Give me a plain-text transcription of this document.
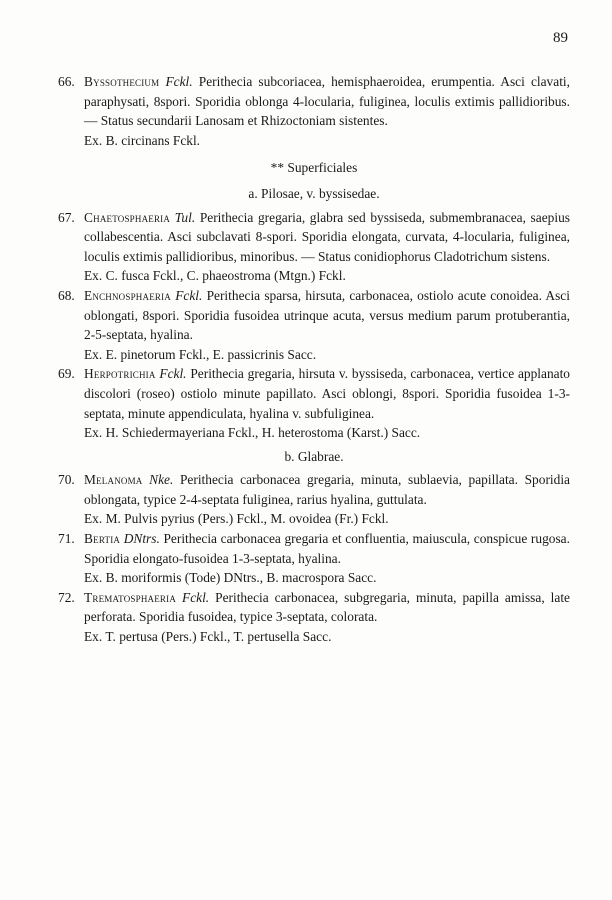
89

66. Byssothecium Fckl. Perithecia subcoriacea, hemisphaeroidea, erumpentia. Asci clavati, paraphysati, 8spori. Sporidia oblonga 4-locularia, fuliginea, loculis extimis pallidioribus. — Status secundarii Lanosam et Rhizoctoniam sistentes.

Ex. B. circinans Fckl.

** Superficiales

a. Pilosae, v. byssisedae.

67. Chaetosphaeria Tul. Perithecia gregaria, glabra sed byssiseda, submembranacea, saepius collabescentia. Asci subclavati 8-spori. Sporidia elongata, curvata, 4-locularia, fuliginea, loculis extimis pallidioribus, minoribus. — Status conidiophorus Cladotrichum sistens.

Ex. C. fusca Fckl., C. phaeostroma (Mtgn.) Fckl.

68. Enchnosphaeria Fckl. Perithecia sparsa, hirsuta, carbonacea, ostiolo acute conoidea. Asci oblongati, 8spori. Sporidia fusoidea utrinque acuta, versus medium parum protuberantia, 2-5-septata, hyalina.

Ex. E. pinetorum Fckl., E. passicrinis Sacc.

69. Herpotrichia Fckl. Perithecia gregaria, hirsuta v. byssiseda, carbonacea, vertice applanato discolori (roseo) ostiolo minute papillato. Asci oblongi, 8spori. Sporidia fusoidea 1-3-septata, minute appendiculata, hyalina v. subfuliginea.

Ex. H. Schiedermayeriana Fckl., H. heterostoma (Karst.) Sacc.

b. Glabrae.

70. Melanoma Nke. Perithecia carbonacea gregaria, minuta, sublaevia, papillata. Sporidia oblongata, typice 2-4-septata fuliginea, rarius hyalina, guttulata.

Ex. M. Pulvis pyrius (Pers.) Fckl., M. ovoidea (Fr.) Fckl.

71. Bertia DNtrs. Perithecia carbonacea gregaria et confluentia, maiuscula, conspicue rugosa. Sporidia elongato-fusoidea 1-3-septata, hyalina.

Ex. B. moriformis (Tode) DNtrs., B. macrospora Sacc.

72. Trematosphaeria Fckl. Perithecia carbonacea, subgregaria, minuta, papilla amissa, late perforata. Sporidia fusoidea, typice 3-septata, colorata.

Ex. T. pertusa (Pers.) Fckl., T. pertusella Sacc.
